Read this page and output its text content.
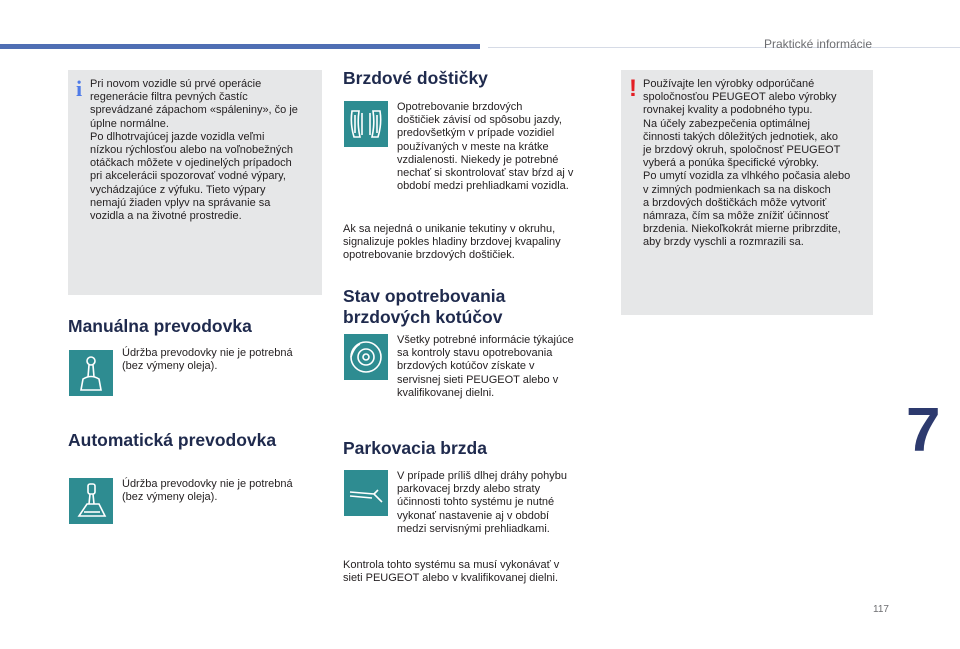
Praktické informácie
7
117
i Pri novom vozidle sú prvé operácie
regenerácie filtra pevných častíc
sprevádzané zápachom «spáleniny», čo je
úplne normálne.
Po dlhotrvajúcej jazde vozidla veľmi
nízkou rýchlosťou alebo na voľnobežných
otáčkach môžete v ojedinelých prípadoch
pri akcelerácii spozorovať vodné výpary,
vychádzajúce z výfuku. Tieto výpary
nemajú žiaden vplyv na správanie sa
vozidla a na životné prostredie.
Manuálna prevodovka
Údržba prevodovky nie je potrebná
(bez výmeny oleja).
Automatická prevodovka
Údržba prevodovky nie je potrebná
(bez výmeny oleja).
Brzdové doštičky
Opotrebovanie brzdových
doštičiek závisí od spôsobu jazdy,
predovšetkým v prípade vozidiel
používaných v meste na krátke
vzdialenosti. Niekedy je potrebné
nechať si skontrolovať stav bŕzd aj v
období medzi prehliadkami vozidla.
Ak sa nejedná o unikanie tekutiny v okruhu,
signalizuje pokles hladiny brzdovej kvapaliny
opotrebovanie brzdových doštičiek.
Stav opotrebovania
brzdových kotúčov
Všetky potrebné informácie týkajúce
sa kontroly stavu opotrebovania
brzdových kotúčov získate v
servisnej sieti PEUGEOT alebo v
kvalifikovanej dielni.
Parkovacia brzda
V prípade príliš dlhej dráhy pohybu
parkovacej brzdy alebo straty
účinnosti tohto systému je nutné
vykonať nastavenie aj v období
medzi servisnými prehliadkami.
Kontrola tohto systému sa musí vykonávať v
sieti PEUGEOT alebo v kvalifikovanej dielni.
! Používajte len výrobky odporúčané
spoločnosťou PEUGEOT alebo výrobky
rovnakej kvality a podobného typu.
Na účely zabezpečenia optimálnej
činnosti takých dôležitých jednotiek, ako
je brzdový okruh, spoločnosť PEUGEOT
vyberá a ponúka špecifické výrobky.
Po umytí vozidla za vlhkého počasia alebo
v zimných podmienkach sa na diskoch
a brzdových doštičkách môže vytvoriť
námraza, čím sa môže znížiť účinnosť
brzdenia. Niekoľkokrát mierne pribrzdite,
aby brzdy vyschli a rozmrazili sa.
